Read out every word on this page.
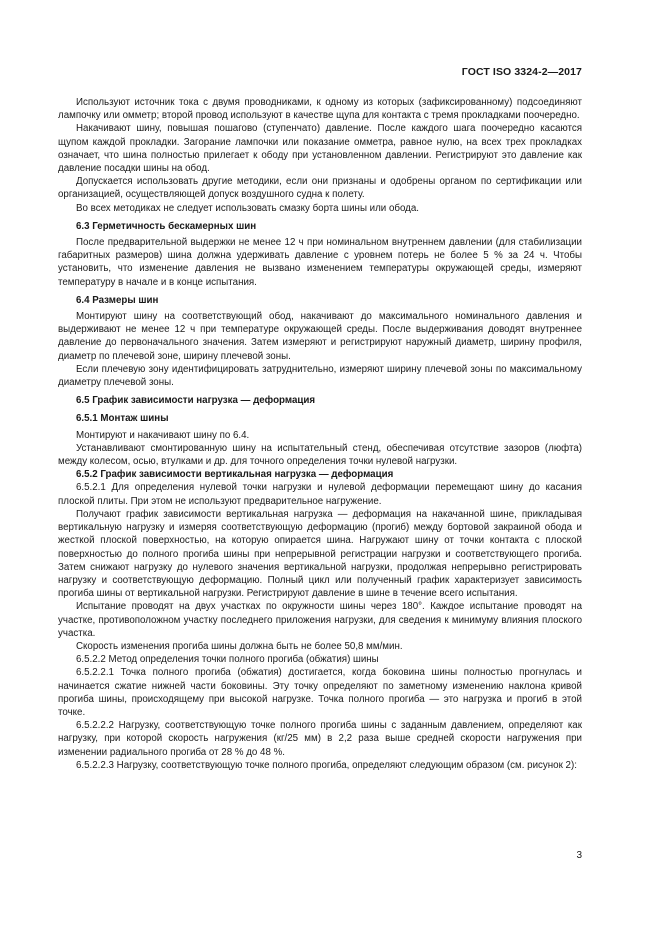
ГОСТ ISO 3324-2—2017

Используют источник тока с двумя проводниками, к одному из которых (зафиксированному) подсоединяют лампочку или омметр; второй провод используют в качестве щупа для контакта с тремя прокладками поочередно.

Накачивают шину, повышая пошагово (ступенчато) давление. После каждого шага поочередно касаются щупом каждой прокладки. Загорание лампочки или показание омметра, равное нулю, на всех трех прокладках означает, что шина полностью прилегает к ободу при установленном давлении. Регистрируют это давление как давление посадки шины на обод.

Допускается использовать другие методики, если они признаны и одобрены органом по сертификации или организацией, осуществляющей допуск воздушного судна к полету.

Во всех методиках не следует использовать смазку борта шины или обода.

6.3 Герметичность бескамерных шин

После предварительной выдержки не менее 12 ч при номинальном внутреннем давлении (для стабилизации габаритных размеров) шина должна удерживать давление с уровнем потерь не более 5 % за 24 ч. Чтобы установить, что изменение давления не вызвано изменением температуры окружающей среды, измеряют температуру в начале и в конце испытания.

6.4 Размеры шин

Монтируют шину на соответствующий обод, накачивают до максимального номинального давления и выдерживают не менее 12 ч при температуре окружающей среды. После выдерживания доводят внутреннее давление до первоначального значения. Затем измеряют и регистрируют наружный диаметр, ширину профиля, диаметр по плечевой зоне, ширину плечевой зоны.

Если плечевую зону идентифицировать затруднительно, измеряют ширину плечевой зоны по максимальному диаметру плечевой зоны.

6.5 График зависимости нагрузка — деформация
6.5.1 Монтаж шины

Монтируют и накачивают шину по 6.4.

Устанавливают смонтированную шину на испытательный стенд, обеспечивая отсутствие зазоров (люфта) между колесом, осью, втулками и др. для точного определения точки нулевой нагрузки.

6.5.2 График зависимости вертикальная нагрузка — деформация

6.5.2.1 Для определения нулевой точки нагрузки и нулевой деформации перемещают шину до касания плоской плиты. При этом не используют предварительное нагружение.

Получают график зависимости вертикальная нагрузка — деформация на накачанной шине, прикладывая вертикальную нагрузку и измеряя соответствующую деформацию (прогиб) между бортовой закраиной обода и жесткой плоской поверхностью, на которую опирается шина. Нагружают шину от точки контакта с плоской поверхностью до полного прогиба шины при непрерывной регистрации нагрузки и соответствующего прогиба. Затем снижают нагрузку до нулевого значения вертикальной нагрузки, продолжая непрерывно регистрировать нагрузку и соответствующую деформацию. Полный цикл или полученный график характеризует зависимость прогиба шины от вертикальной нагрузки. Регистрируют давление в шине в течение всего испытания.

Испытание проводят на двух участках по окружности шины через 180°. Каждое испытание проводят на участке, противоположном участку последнего приложения нагрузки, для сведения к минимуму влияния плоского участка.

Скорость изменения прогиба шины должна быть не более 50,8 мм/мин.

6.5.2.2 Метод определения точки полного прогиба (обжатия) шины

6.5.2.2.1 Точка полного прогиба (обжатия) достигается, когда боковина шины полностью прогнулась и начинается сжатие нижней части боковины. Эту точку определяют по заметному изменению наклона кривой прогиба шины, происходящему при высокой нагрузке. Точка полного прогиба — это нагрузка и прогиб в этой точке.

6.5.2.2.2 Нагрузку, соответствующую точке полного прогиба шины с заданным давлением, определяют как нагрузку, при которой скорость нагружения (кг/25 мм) в 2,2 раза выше средней скорости нагружения при изменении радиального прогиба от 28 % до 48 %.

6.5.2.2.3 Нагрузку, соответствующую точке полного прогиба, определяют следующим образом (см. рисунок 2):

3
